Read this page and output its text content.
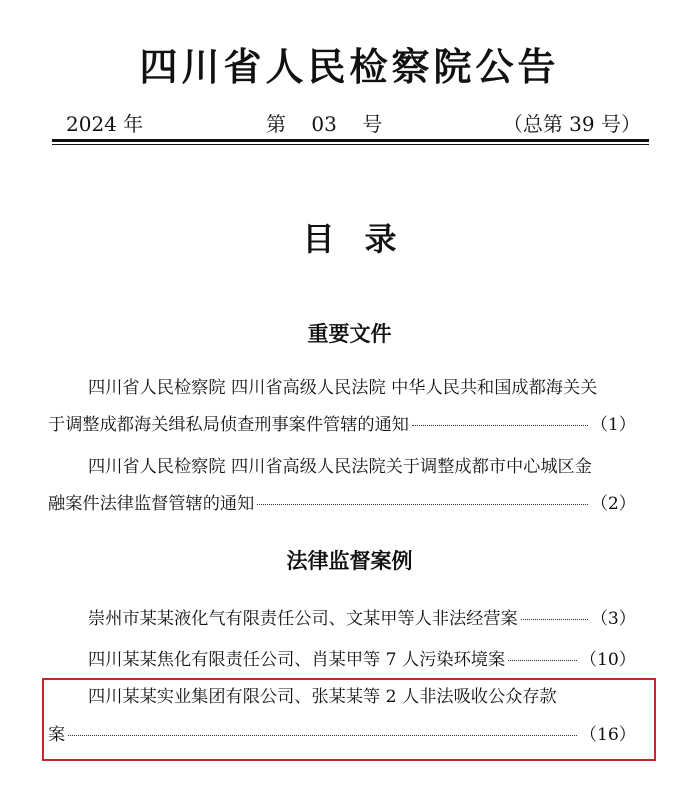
四川省人民检察院公告
2024 年	第    03    号	（总第 39 号）
目录
重要文件
四川省人民检察院 四川省高级人民法院 中华人民共和国成都海关关
于调整成都海关缉私局侦查刑事案件管辖的通知	（1）
四川省人民检察院 四川省高级人民法院关于调整成都市中心城区金
融案件法律监督管辖的通知	（2）
法律监督案例
崇州市某某液化气有限责任公司、文某甲等人非法经营案	（3）
四川某某焦化有限责任公司、肖某甲等 7 人污染环境案	（10）
四川某某实业集团有限公司、张某某等 2 人非法吸收公众存款
案	（16）
